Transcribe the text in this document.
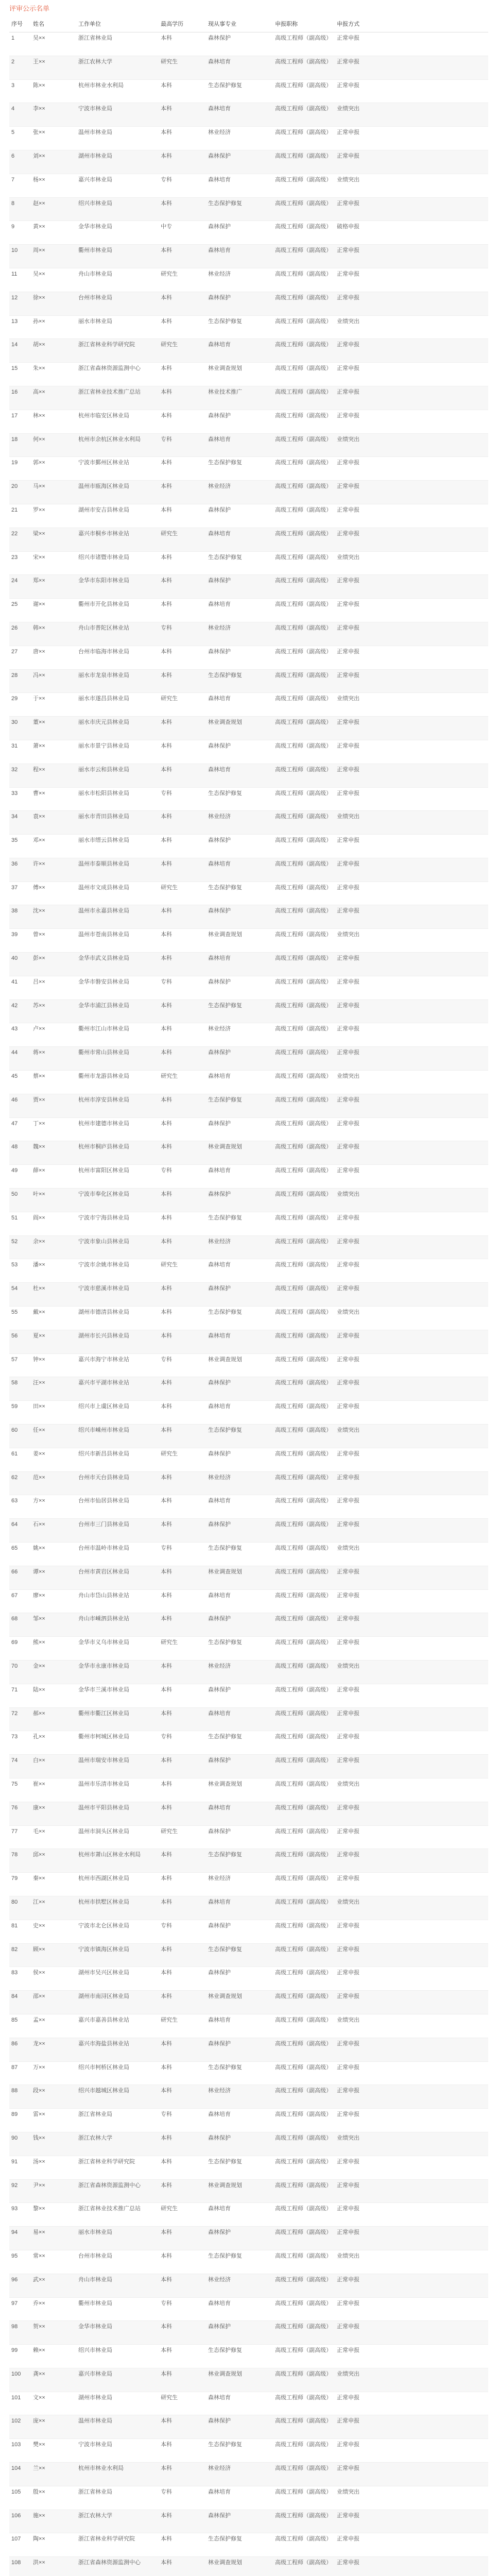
评审公示名单
序号	姓名	工作单位	最高学历	现从事专业	申报职称	申报方式
1	吴××	浙江省林业局	本科	森林保护	高级工程师（副高级）	正常申报
2	王××	浙江农林大学	研究生	森林培育	高级工程师（副高级）	正常申报
3	陈××	杭州市林业水利局	本科	生态保护修复	高级工程师（副高级）	正常申报
4	李××	宁波市林业局	本科	森林培育	高级工程师（副高级）	业绩突出
5	张××	温州市林业局	本科	林业经济	高级工程师（副高级）	正常申报
6	刘××	湖州市林业局	本科	森林保护	高级工程师（副高级）	正常申报
7	杨××	嘉兴市林业局	专科	森林培育	高级工程师（副高级）	业绩突出
8	赵××	绍兴市林业局	本科	生态保护修复	高级工程师（副高级）	正常申报
9	黄××	金华市林业局	中专	森林保护	高级工程师（副高级）	破格申报
10	周××	衢州市林业局	本科	森林培育	高级工程师（副高级）	正常申报
11	吴××	舟山市林业局	研究生	林业经济	高级工程师（副高级）	正常申报
12	徐××	台州市林业局	本科	森林保护	高级工程师（副高级）	正常申报
13	孙××	丽水市林业局	本科	生态保护修复	高级工程师（副高级）	业绩突出
14	胡××	浙江省林业科学研究院	研究生	森林培育	高级工程师（副高级）	正常申报
15	朱××	浙江省森林资源监测中心	本科	林业调查规划	高级工程师（副高级）	正常申报
16	高××	浙江省林业技术推广总站	本科	林业技术推广	高级工程师（副高级）	正常申报
17	林××	杭州市临安区林业局	本科	森林保护	高级工程师（副高级）	正常申报
18	何××	杭州市余杭区林业水利局	专科	森林培育	高级工程师（副高级）	业绩突出
19	郭××	宁波市鄞州区林业站	本科	生态保护修复	高级工程师（副高级）	正常申报
20	马××	温州市瓯海区林业局	本科	林业经济	高级工程师（副高级）	正常申报
21	罗××	湖州市安吉县林业局	本科	森林保护	高级工程师（副高级）	正常申报
22	梁××	嘉兴市桐乡市林业站	研究生	森林培育	高级工程师（副高级）	正常申报
23	宋××	绍兴市诸暨市林业局	本科	生态保护修复	高级工程师（副高级）	业绩突出
24	郑××	金华市东阳市林业局	本科	森林保护	高级工程师（副高级）	正常申报
25	谢××	衢州市开化县林业局	本科	森林培育	高级工程师（副高级）	正常申报
26	韩××	舟山市普陀区林业站	专科	林业经济	高级工程师（副高级）	正常申报
27	唐××	台州市临海市林业局	本科	森林保护	高级工程师（副高级）	正常申报
28	冯××	丽水市龙泉市林业局	本科	生态保护修复	高级工程师（副高级）	正常申报
29	于××	丽水市遂昌县林业局	研究生	森林培育	高级工程师（副高级）	业绩突出
30	董××	丽水市庆元县林业局	本科	林业调查规划	高级工程师（副高级）	正常申报
31	萧××	丽水市景宁县林业局	本科	森林保护	高级工程师（副高级）	正常申报
32	程××	丽水市云和县林业局	本科	森林培育	高级工程师（副高级）	正常申报
33	曹××	丽水市松阳县林业局	专科	生态保护修复	高级工程师（副高级）	正常申报
34	袁××	丽水市青田县林业局	本科	林业经济	高级工程师（副高级）	业绩突出
35	邓××	丽水市缙云县林业局	本科	森林保护	高级工程师（副高级）	正常申报
36	许××	温州市泰顺县林业局	本科	森林培育	高级工程师（副高级）	正常申报
37	傅××	温州市文成县林业局	研究生	生态保护修复	高级工程师（副高级）	正常申报
38	沈××	温州市永嘉县林业局	本科	森林保护	高级工程师（副高级）	正常申报
39	曾××	温州市苍南县林业局	本科	林业调查规划	高级工程师（副高级）	业绩突出
40	彭××	金华市武义县林业局	本科	森林培育	高级工程师（副高级）	正常申报
41	吕××	金华市磐安县林业局	专科	森林保护	高级工程师（副高级）	正常申报
42	苏××	金华市浦江县林业局	本科	生态保护修复	高级工程师（副高级）	正常申报
43	卢××	衢州市江山市林业局	本科	林业经济	高级工程师（副高级）	正常申报
44	蒋××	衢州市常山县林业局	本科	森林保护	高级工程师（副高级）	正常申报
45	蔡××	衢州市龙游县林业局	研究生	森林培育	高级工程师（副高级）	业绩突出
46	贾××	杭州市淳安县林业局	本科	生态保护修复	高级工程师（副高级）	正常申报
47	丁××	杭州市建德市林业局	本科	森林保护	高级工程师（副高级）	正常申报
48	魏××	杭州市桐庐县林业局	本科	林业调查规划	高级工程师（副高级）	正常申报
49	薛××	杭州市富阳区林业局	专科	森林培育	高级工程师（副高级）	正常申报
50	叶××	宁波市奉化区林业局	本科	森林保护	高级工程师（副高级）	业绩突出
51	阎××	宁波市宁海县林业局	本科	生态保护修复	高级工程师（副高级）	正常申报
52	余××	宁波市象山县林业局	本科	林业经济	高级工程师（副高级）	正常申报
53	潘××	宁波市余姚市林业局	研究生	森林培育	高级工程师（副高级）	正常申报
54	杜××	宁波市慈溪市林业局	本科	森林保护	高级工程师（副高级）	正常申报
55	戴××	湖州市德清县林业局	本科	生态保护修复	高级工程师（副高级）	业绩突出
56	夏××	湖州市长兴县林业局	本科	森林培育	高级工程师（副高级）	正常申报
57	钟××	嘉兴市海宁市林业站	专科	林业调查规划	高级工程师（副高级）	正常申报
58	汪××	嘉兴市平湖市林业站	本科	森林保护	高级工程师（副高级）	正常申报
59	田××	绍兴市上虞区林业局	本科	森林培育	高级工程师（副高级）	正常申报
60	任××	绍兴市嵊州市林业局	本科	生态保护修复	高级工程师（副高级）	业绩突出
61	姜××	绍兴市新昌县林业局	研究生	森林保护	高级工程师（副高级）	正常申报
62	范××	台州市天台县林业局	本科	林业经济	高级工程师（副高级）	正常申报
63	方××	台州市仙居县林业局	本科	森林培育	高级工程师（副高级）	正常申报
64	石××	台州市三门县林业局	本科	森林保护	高级工程师（副高级）	正常申报
65	姚××	台州市温岭市林业局	专科	生态保护修复	高级工程师（副高级）	业绩突出
66	谭××	台州市黄岩区林业局	本科	林业调查规划	高级工程师（副高级）	正常申报
67	廖××	舟山市岱山县林业站	本科	森林培育	高级工程师（副高级）	正常申报
68	邹××	舟山市嵊泗县林业站	本科	森林保护	高级工程师（副高级）	正常申报
69	熊××	金华市义乌市林业局	研究生	生态保护修复	高级工程师（副高级）	正常申报
70	金××	金华市永康市林业局	本科	林业经济	高级工程师（副高级）	业绩突出
71	陆××	金华市兰溪市林业局	本科	森林保护	高级工程师（副高级）	正常申报
72	郝××	衢州市衢江区林业局	本科	森林培育	高级工程师（副高级）	正常申报
73	孔××	衢州市柯城区林业局	专科	生态保护修复	高级工程师（副高级）	正常申报
74	白××	温州市瑞安市林业局	本科	森林保护	高级工程师（副高级）	正常申报
75	崔××	温州市乐清市林业局	本科	林业调查规划	高级工程师（副高级）	业绩突出
76	康××	温州市平阳县林业局	本科	森林培育	高级工程师（副高级）	正常申报
77	毛××	温州市洞头区林业局	研究生	森林保护	高级工程师（副高级）	正常申报
78	邱××	杭州市萧山区林业水利局	本科	生态保护修复	高级工程师（副高级）	正常申报
79	秦××	杭州市西湖区林业局	本科	林业经济	高级工程师（副高级）	正常申报
80	江××	杭州市拱墅区林业局	本科	森林培育	高级工程师（副高级）	业绩突出
81	史××	宁波市北仑区林业局	专科	森林保护	高级工程师（副高级）	正常申报
82	顾××	宁波市镇海区林业局	本科	生态保护修复	高级工程师（副高级）	正常申报
83	侯××	湖州市吴兴区林业局	本科	森林保护	高级工程师（副高级）	正常申报
84	邵××	湖州市南浔区林业局	本科	林业调查规划	高级工程师（副高级）	正常申报
85	孟××	嘉兴市嘉善县林业站	研究生	森林培育	高级工程师（副高级）	业绩突出
86	龙××	嘉兴市海盐县林业站	本科	森林保护	高级工程师（副高级）	正常申报
87	万××	绍兴市柯桥区林业局	本科	生态保护修复	高级工程师（副高级）	正常申报
88	段××	绍兴市越城区林业局	本科	林业经济	高级工程师（副高级）	正常申报
89	雷××	浙江省林业局	专科	森林培育	高级工程师（副高级）	正常申报
90	钱××	浙江农林大学	本科	森林保护	高级工程师（副高级）	业绩突出
91	汤××	浙江省林业科学研究院	本科	生态保护修复	高级工程师（副高级）	正常申报
92	尹××	浙江省森林资源监测中心	本科	林业调查规划	高级工程师（副高级）	正常申报
93	黎××	浙江省林业技术推广总站	研究生	森林培育	高级工程师（副高级）	正常申报
94	易××	丽水市林业局	本科	森林保护	高级工程师（副高级）	正常申报
95	常××	台州市林业局	本科	生态保护修复	高级工程师（副高级）	业绩突出
96	武××	舟山市林业局	本科	林业经济	高级工程师（副高级）	正常申报
97	乔××	衢州市林业局	专科	森林培育	高级工程师（副高级）	正常申报
98	贺××	金华市林业局	本科	森林保护	高级工程师（副高级）	正常申报
99	赖××	绍兴市林业局	本科	生态保护修复	高级工程师（副高级）	正常申报
100	龚××	嘉兴市林业局	本科	林业调查规划	高级工程师（副高级）	业绩突出
101	文××	湖州市林业局	研究生	森林培育	高级工程师（副高级）	正常申报
102	庞××	温州市林业局	本科	森林保护	高级工程师（副高级）	正常申报
103	樊××	宁波市林业局	本科	生态保护修复	高级工程师（副高级）	正常申报
104	兰××	杭州市林业水利局	本科	林业经济	高级工程师（副高级）	正常申报
105	殷××	浙江省林业局	专科	森林培育	高级工程师（副高级）	业绩突出
106	施××	浙江农林大学	本科	森林保护	高级工程师（副高级）	正常申报
107	陶××	浙江省林业科学研究院	本科	生态保护修复	高级工程师（副高级）	正常申报
108	洪××	浙江省森林资源监测中心	本科	林业调查规划	高级工程师（副高级）	正常申报
